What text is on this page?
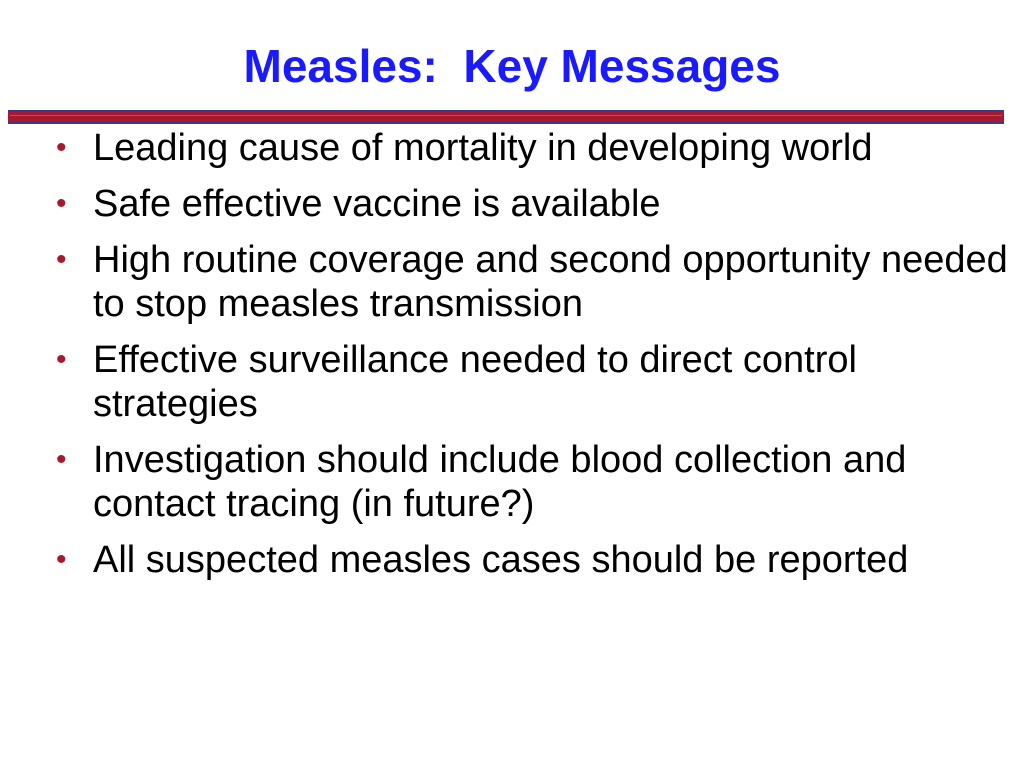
Measles:  Key Messages
• Leading cause of mortality in developing world
• Safe effective vaccine is available
• High routine coverage and second opportunity needed to stop measles transmission
• Effective surveillance needed to direct control strategies
• Investigation should include blood collection and contact tracing (in future?)
• All suspected measles cases should be reported
